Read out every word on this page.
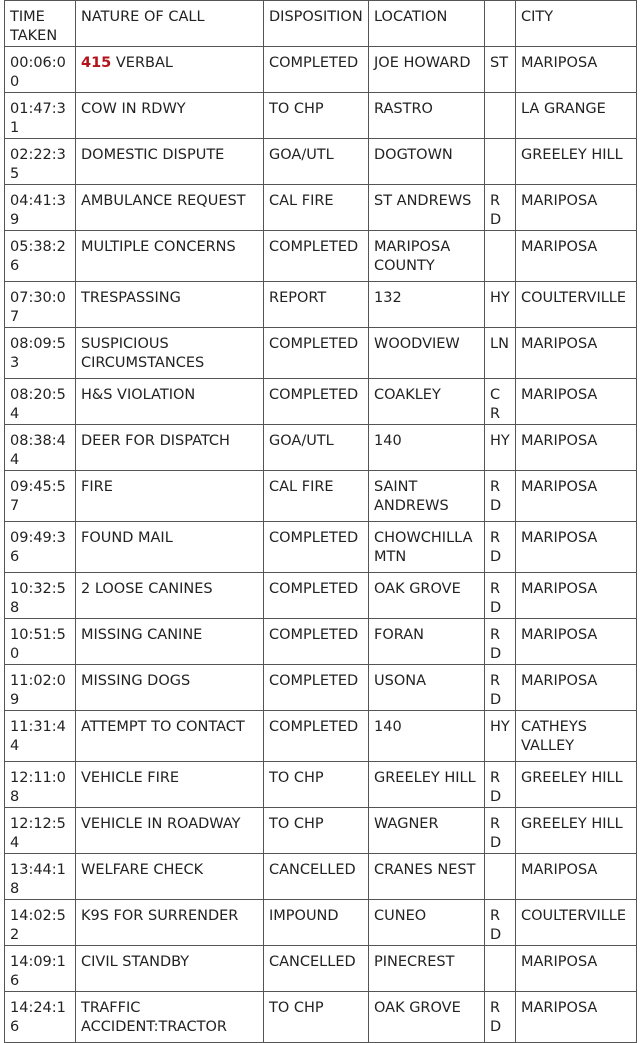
TIME TAKEN	NATURE OF CALL	DISPOSITION	LOCATION		CITY
00:06:00	415 VERBAL	COMPLETED	JOE HOWARD	ST	MARIPOSA
01:47:31	COW IN RDWY	TO CHP	RASTRO		LA GRANGE
02:22:35	DOMESTIC DISPUTE	GOA/UTL	DOGTOWN		GREELEY HILL
04:41:39	AMBULANCE REQUEST	CAL FIRE	ST ANDREWS	RD	MARIPOSA
05:38:26	MULTIPLE CONCERNS	COMPLETED	MARIPOSA COUNTY		MARIPOSA
07:30:07	TRESPASSING	REPORT	132	HY	COULTERVILLE
08:09:53	SUSPICIOUS CIRCUMSTANCES	COMPLETED	WOODVIEW	LN	MARIPOSA
08:20:54	H&S VIOLATION	COMPLETED	COAKLEY	CR	MARIPOSA
08:38:44	DEER FOR DISPATCH	GOA/UTL	140	HY	MARIPOSA
09:45:57	FIRE	CAL FIRE	SAINT ANDREWS	RD	MARIPOSA
09:49:36	FOUND MAIL	COMPLETED	CHOWCHILLA MTN	RD	MARIPOSA
10:32:58	2 LOOSE CANINES	COMPLETED	OAK GROVE	RD	MARIPOSA
10:51:50	MISSING CANINE	COMPLETED	FORAN	RD	MARIPOSA
11:02:09	MISSING DOGS	COMPLETED	USONA	RD	MARIPOSA
11:31:44	ATTEMPT TO CONTACT	COMPLETED	140	HY	CATHEYS VALLEY
12:11:08	VEHICLE FIRE	TO CHP	GREELEY HILL	RD	GREELEY HILL
12:12:54	VEHICLE IN ROADWAY	TO CHP	WAGNER	RD	GREELEY HILL
13:44:18	WELFARE CHECK	CANCELLED	CRANES NEST		MARIPOSA
14:02:52	K9S FOR SURRENDER	IMPOUND	CUNEO	RD	COULTERVILLE
14:09:16	CIVIL STANDBY	CANCELLED	PINECREST		MARIPOSA
14:24:16	TRAFFIC ACCIDENT:TRACTOR	TO CHP	OAK GROVE	RD	MARIPOSA
